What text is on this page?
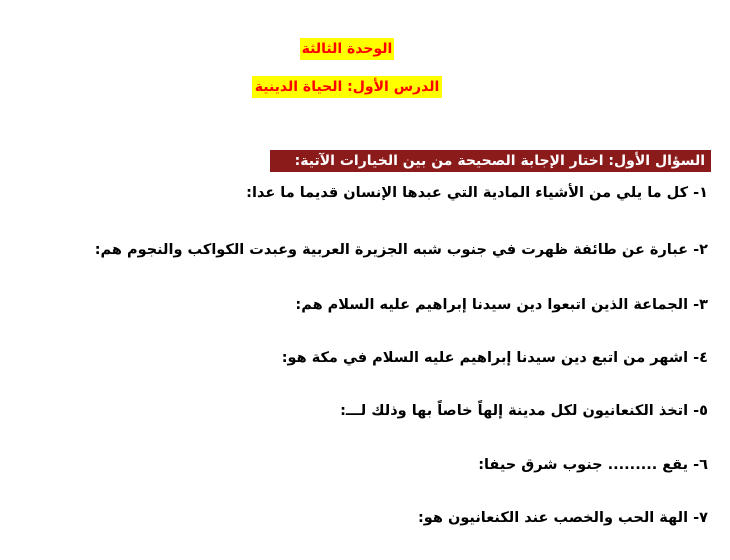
الوحدة الثالثة
الدرس الأول: الحياة الدينية
السؤال الأول: اختار الإجابة الصحيحة من بين الخيارات الآتية:
١- كل ما يلي من الأشياء المادية التي عبدها الإنسان قديما ما عدا:
٢- عبارة عن طائفة ظهرت في جنوب شبه الجزيرة العربية وعبدت الكواكب والنجوم هم:
٣- الجماعة الذين اتبعوا دين سيدنا إبراهيم عليه السلام هم:
٤- اشهر من اتبع دين سيدنا إبراهيم عليه السلام في مكة هو:
٥- اتخذ الكنعانيون لكل مدينة إلهاً خاصاً بها وذلك لـــ:
٦- يقع ......... جنوب شرق حيفا:
٧- الهة الحب والخصب عند الكنعانيون هو:
